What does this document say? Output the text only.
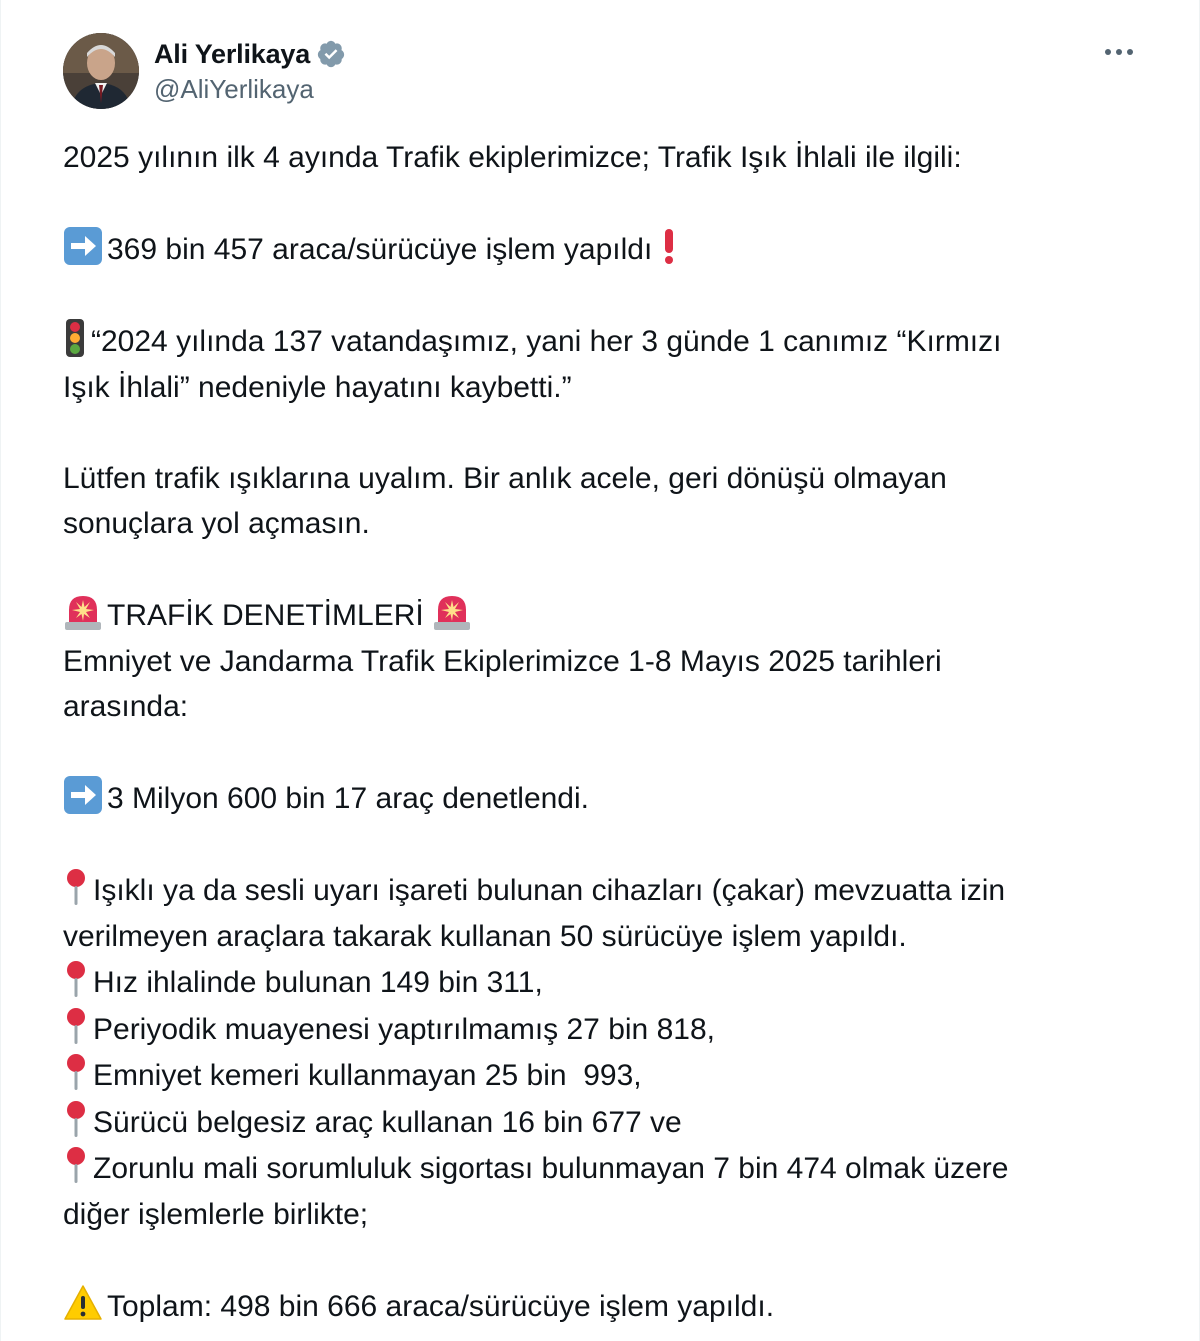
Ali Yerlikaya
@AliYerlikaya
2025 yılının ilk 4 ayında Trafik ekiplerimizce; Trafik Işık İhlali ile ilgili:
369 bin 457 araca/sürücüye işlem yapıldı
“2024 yılında 137 vatandaşımız, yani her 3 günde 1 canımız “Kırmızı
Işık İhlali” nedeniyle hayatını kaybetti.”
Lütfen trafik ışıklarına uyalım. Bir anlık acele, geri dönüşü olmayan
sonuçlara yol açmasın.
TRAFİK DENETİMLERİ
Emniyet ve Jandarma Trafik Ekiplerimizce 1-8 Mayıs 2025 tarihleri
arasında:
3 Milyon 600 bin 17 araç denetlendi.
Işıklı ya da sesli uyarı işareti bulunan cihazları (çakar) mevzuatta izin
verilmeyen araçlara takarak kullanan 50 sürücüye işlem yapıldı.
Hız ihlalinde bulunan 149 bin 311,
Periyodik muayenesi yaptırılmamış 27 bin 818,
Emniyet kemeri kullanmayan 25 bin  993,
Sürücü belgesiz araç kullanan 16 bin 677 ve
Zorunlu mali sorumluluk sigortası bulunmayan 7 bin 474 olmak üzere
diğer işlemlerle birlikte;
Toplam: 498 bin 666 araca/sürücüye işlem yapıldı.
